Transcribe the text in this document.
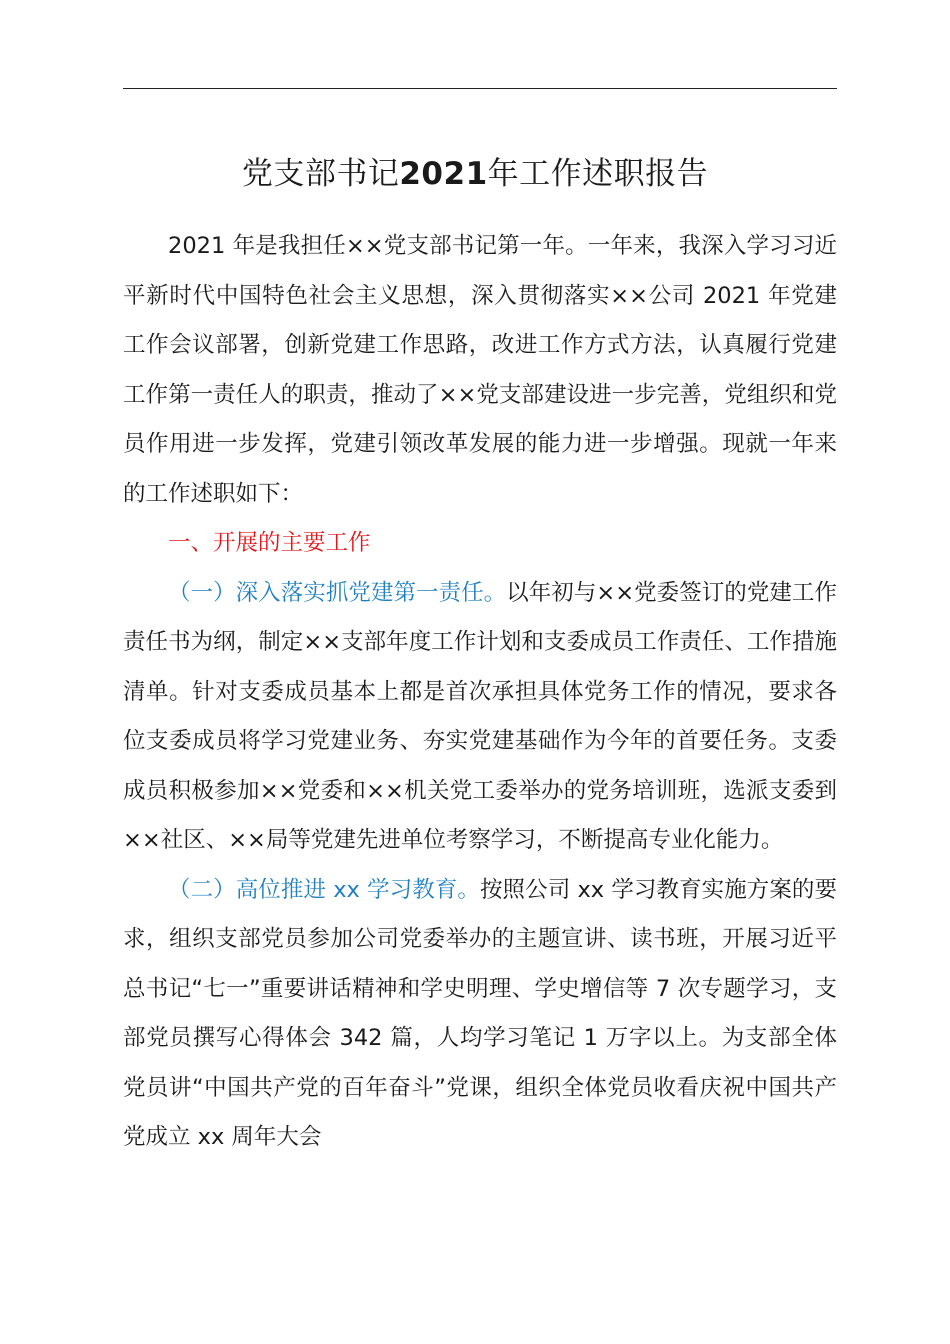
党支部书记2021年工作述职报告

2021 年是我担任××党支部书记第一年。一年来，我深入学习习近平新时代中国特色社会主义思想，深入贯彻落实××公司 2021 年党建工作会议部署，创新党建工作思路，改进工作方式方法，认真履行党建工作第一责任人的职责，推动了××党支部建设进一步完善，党组织和党员作用进一步发挥，党建引领改革发展的能力进一步增强。现就一年来的工作述职如下：

一、开展的主要工作

（一）深入落实抓党建第一责任。以年初与××党委签订的党建工作责任书为纲，制定××支部年度工作计划和支委成员工作责任、工作措施清单。针对支委成员基本上都是首次承担具体党务工作的情况，要求各位支委成员将学习党建业务、夯实党建基础作为今年的首要任务。支委成员积极参加××党委和××机关党工委举办的党务培训班，选派支委到××社区、××局等党建先进单位考察学习，不断提高专业化能力。

（二）高位推进 xx 学习教育。按照公司 xx 学习教育实施方案的要求，组织支部党员参加公司党委举办的主题宣讲、读书班，开展习近平总书记“七一”重要讲话精神和学史明理、学史增信等 7 次专题学习，支部党员撰写心得体会 342 篇，人均学习笔记 1 万字以上。为支部全体党员讲“中国共产党的百年奋斗”党课，组织全体党员收看庆祝中国共产党成立 xx 周年大会
